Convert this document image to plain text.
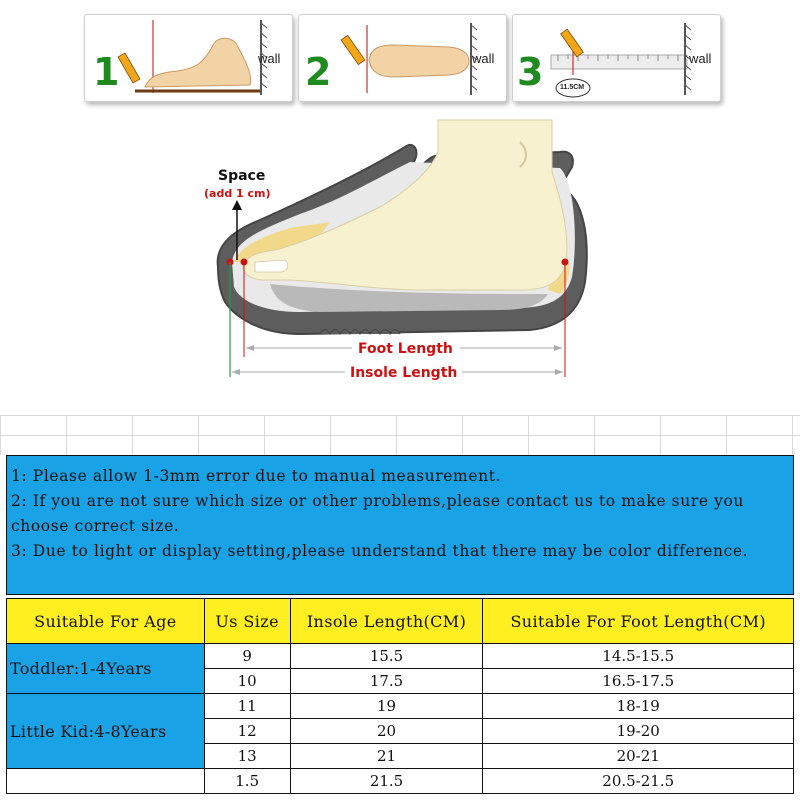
1	wall 2	wall 3 11.5CM
wall
Space
(add 1 cm)
Foot Length
Insole Length
1: Please allow 1-3mm error due to manual measurement.
2: If you are not sure which size or other problems,please contact us to make sure you choose correct size.
3: Due to light or display setting,please understand that there may be color difference.
Suitable For Age	Us Size	Insole Length(CM)	Suitable For Foot Length(CM)
Toddler:1-4Years	9	15.5	14.5-15.5
	10	17.5	16.5-17.5
Little Kid:4-8Years	11	19	18-19
	12	20	19-20
	13	21	20-21
	1.5	21.5	20.5-21.5
